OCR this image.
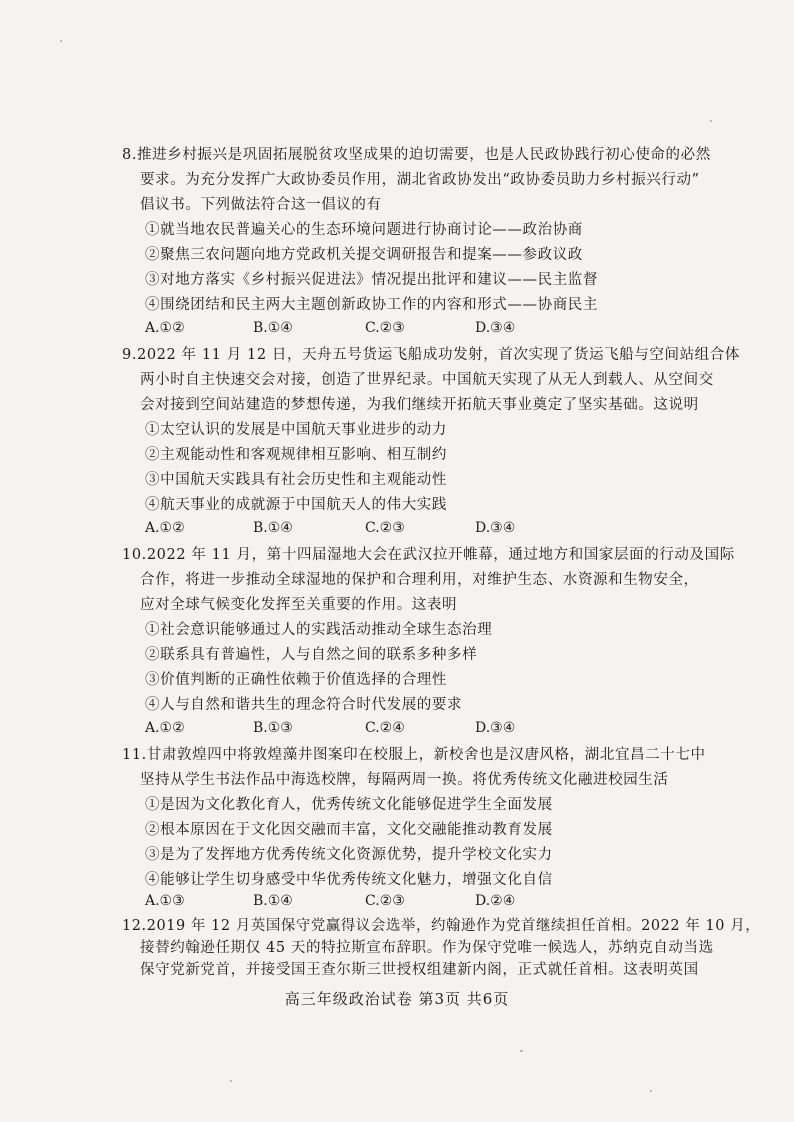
8.推进乡村振兴是巩固拓展脱贫攻坚成果的迫切需要，也是人民政协践行初心使命的必然
要求。为充分发挥广大政协委员作用，湖北省政协发出“政协委员助力乡村振兴行动”
倡议书。下列做法符合这一倡议的有
①就当地农民普遍关心的生态环境问题进行协商讨论——政治协商
②聚焦三农问题向地方党政机关提交调研报告和提案——参政议政
③对地方落实《乡村振兴促进法》情况提出批评和建议——民主监督
④围绕团结和民主两大主题创新政协工作的内容和形式——协商民主
A.①②	B.①④	C.②③	D.③④
9.2022 年 11 月 12 日，天舟五号货运飞船成功发射，首次实现了货运飞船与空间站组合体
两小时自主快速交会对接，创造了世界纪录。中国航天实现了从无人到载人、从空间交
会对接到空间站建造的梦想传递，为我们继续开拓航天事业奠定了坚实基础。这说明
①太空认识的发展是中国航天事业进步的动力
②主观能动性和客观规律相互影响、相互制约
③中国航天实践具有社会历史性和主观能动性
④航天事业的成就源于中国航天人的伟大实践
A.①②	B.①④	C.②③	D.③④
10.2022 年 11 月，第十四届湿地大会在武汉拉开帷幕，通过地方和国家层面的行动及国际
合作，将进一步推动全球湿地的保护和合理利用，对维护生态、水资源和生物安全，
应对全球气候变化发挥至关重要的作用。这表明
①社会意识能够通过人的实践活动推动全球生态治理
②联系具有普遍性，人与自然之间的联系多种多样
③价值判断的正确性依赖于价值选择的合理性
④人与自然和谐共生的理念符合时代发展的要求
A.①②	B.①③	C.②④	D.③④
11.甘肃敦煌四中将敦煌藻井图案印在校服上，新校舍也是汉唐风格，湖北宜昌二十七中
坚持从学生书法作品中海选校牌，每隔两周一换。将优秀传统文化融进校园生活
①是因为文化教化育人，优秀传统文化能够促进学生全面发展
②根本原因在于文化因交融而丰富，文化交融能推动教育发展
③是为了发挥地方优秀传统文化资源优势，提升学校文化实力
④能够让学生切身感受中华优秀传统文化魅力，增强文化自信
A.①③	B.①④	C.②③	D.②④
12.2019 年 12 月英国保守党赢得议会选举，约翰逊作为党首继续担任首相。2022 年 10 月，
接替约翰逊任期仅 45 天的特拉斯宣布辞职。作为保守党唯一候选人，苏纳克自动当选
保守党新党首，并接受国王查尔斯三世授权组建新内阁，正式就任首相。这表明英国
高三年级政治试卷 第3页 共6页
